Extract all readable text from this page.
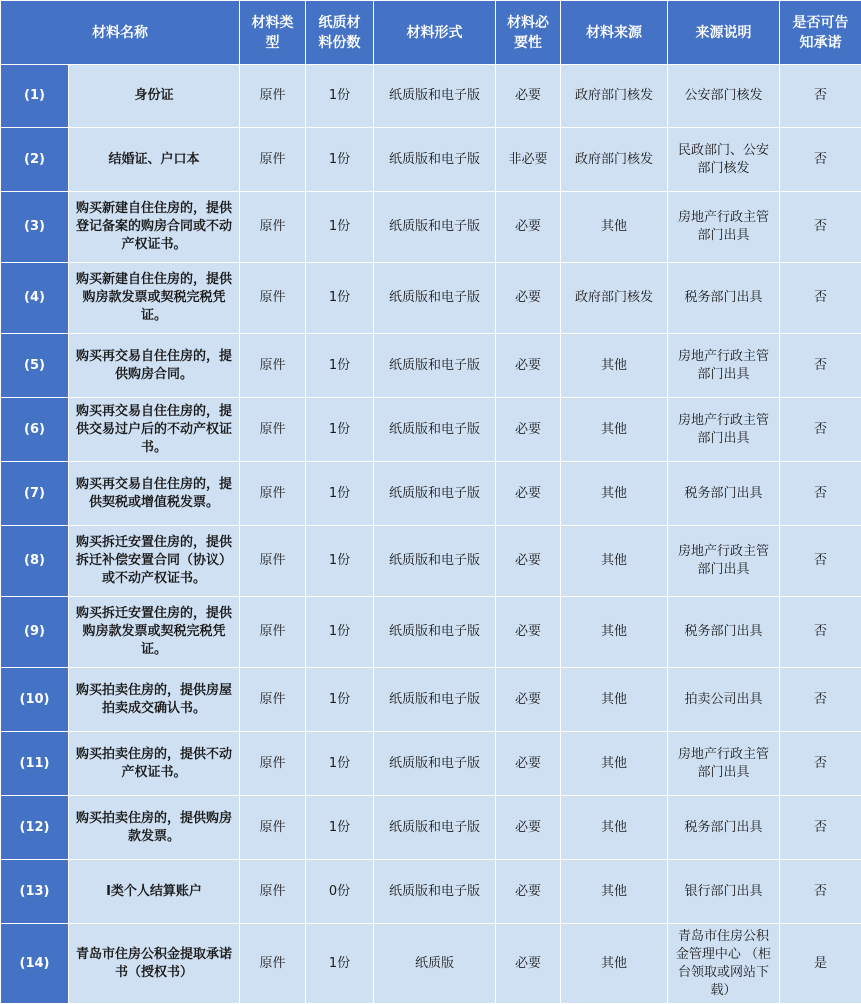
材料名称		材料类型	纸质材料份数	材料形式	材料必要性	材料来源	来源说明	是否可告知承诺
(1)	身份证	原件	1份	纸质版和电子版	必要	政府部门核发	公安部门核发	否
(2)	结婚证、户口本	原件	1份	纸质版和电子版	非必要	政府部门核发	民政部门、公安部门核发	否
(3)	购买新建自住住房的，提供登记备案的购房合同或不动产权证书。	原件	1份	纸质版和电子版	必要	其他	房地产行政主管部门出具	否
(4)	购买新建自住住房的，提供购房款发票或契税完税凭证。	原件	1份	纸质版和电子版	必要	政府部门核发	税务部门出具	否
(5)	购买再交易自住住房的，提供购房合同。	原件	1份	纸质版和电子版	必要	其他	房地产行政主管部门出具	否
(6)	购买再交易自住住房的，提供交易过户后的不动产权证书。	原件	1份	纸质版和电子版	必要	其他	房地产行政主管部门出具	否
(7)	购买再交易自住住房的，提供契税或增值税发票。	原件	1份	纸质版和电子版	必要	其他	税务部门出具	否
(8)	购买拆迁安置住房的，提供拆迁补偿安置合同（协议）或不动产权证书。	原件	1份	纸质版和电子版	必要	其他	房地产行政主管部门出具	否
(9)	购买拆迁安置住房的，提供购房款发票或契税完税凭证。	原件	1份	纸质版和电子版	必要	其他	税务部门出具	否
(10)	购买拍卖住房的，提供房屋拍卖成交确认书。	原件	1份	纸质版和电子版	必要	其他	拍卖公司出具	否
(11)	购买拍卖住房的，提供不动产权证书。	原件	1份	纸质版和电子版	必要	其他	房地产行政主管部门出具	否
(12)	购买拍卖住房的，提供购房款发票。	原件	1份	纸质版和电子版	必要	其他	税务部门出具	否
(13)	I类个人结算账户	原件	0份	纸质版和电子版	必要	其他	银行部门出具	否
(14)	青岛市住房公积金提取承诺书（授权书）	原件	1份	纸质版	必要	其他	青岛市住房公积金管理中心 （柜台领取或网站下载）	是
